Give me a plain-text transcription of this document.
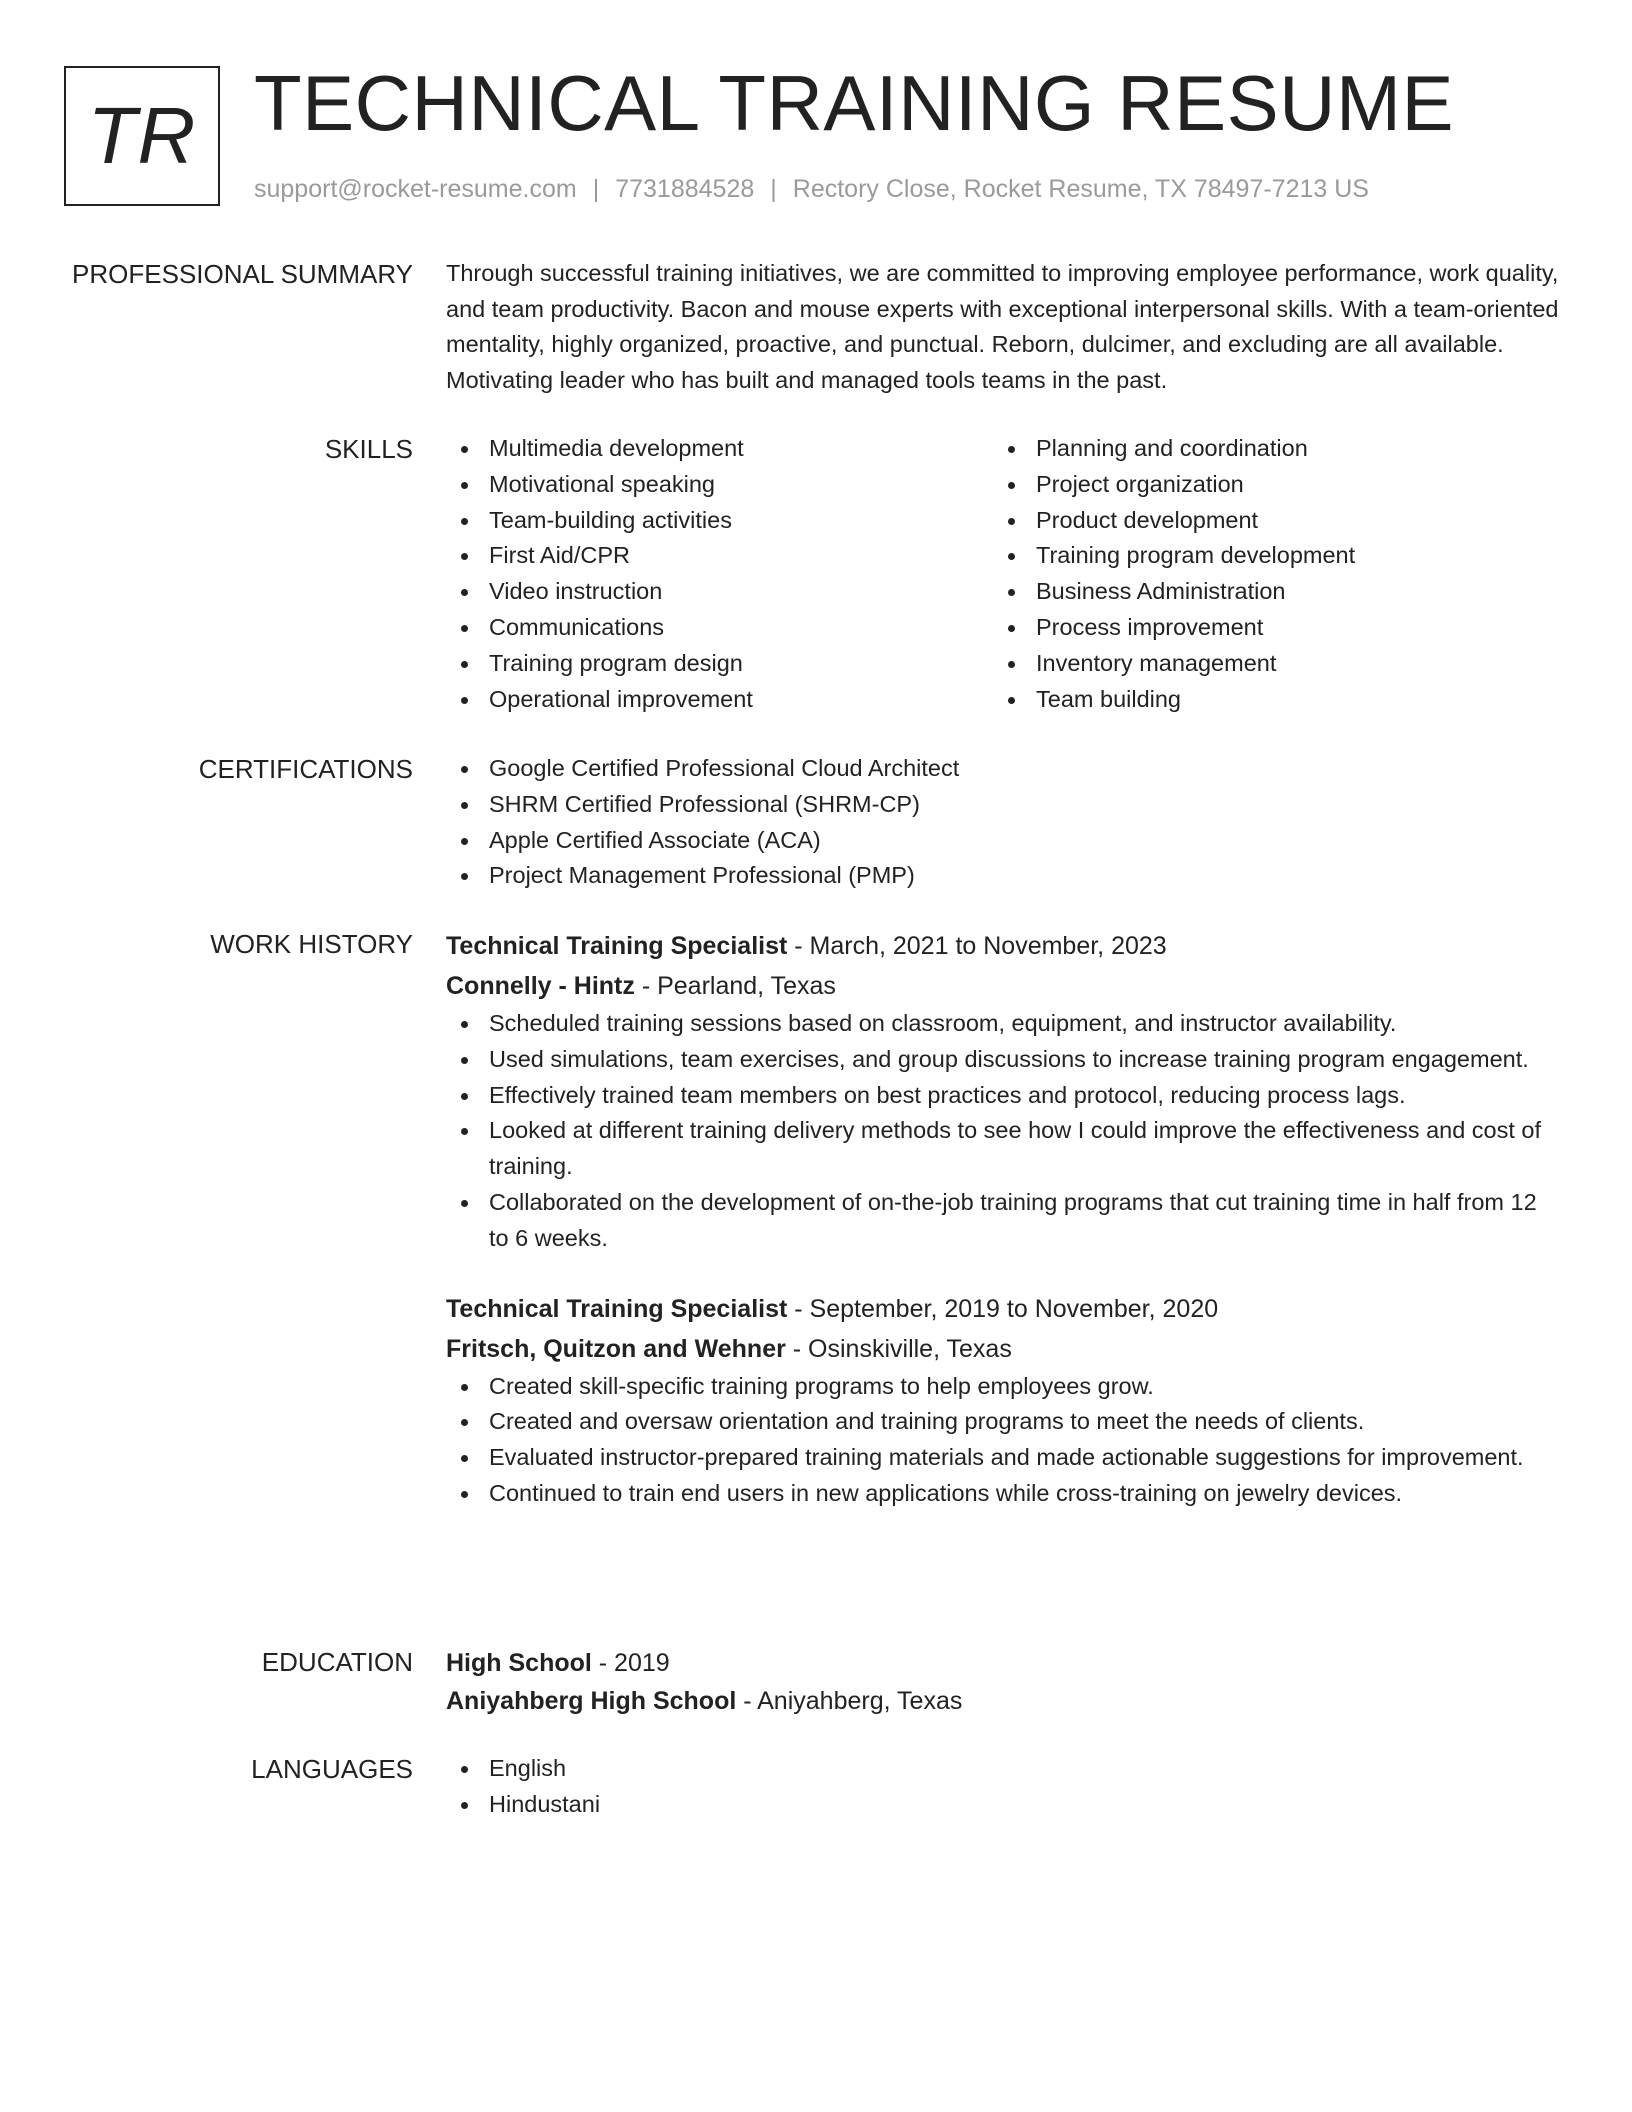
TR TECHNICAL TRAINING RESUME
support@rocket-resume.com | 7731884528 | Rectory Close, Rocket Resume, TX 78497-7213 US
PROFESSIONAL SUMMARY Through successful training initiatives, we are committed to improving employee performance, work quality, and team productivity. Bacon and mouse experts with exceptional interpersonal skills. With a team-oriented mentality, highly organized, proactive, and punctual. Reborn, dulcimer, and excluding are all available. Motivating leader who has built and managed tools teams in the past.

SKILLS	Multimedia development
Motivational speaking
Team-building activities
First Aid/CPR
Video instruction
Communications
Training program design
Operational improvement
Planning and coordination
Project organization
Product development
Training program development
Business Administration
Process improvement
Inventory management
Team building
CERTIFICATIONS	Google Certified Professional Cloud Architect
SHRM Certified Professional (SHRM-CP)
Apple Certified Associate (ACA)
Project Management Professional (PMP)
WORK HISTORY Technical Training Specialist - March, 2021 to November, 2023
Connelly - Hintz - Pearland, Texas
Scheduled training sessions based on classroom, equipment, and instructor availability.
Used simulations, team exercises, and group discussions to increase training program engagement.
Effectively trained team members on best practices and protocol, reducing process lags.
Looked at different training delivery methods to see how I could improve the effectiveness and cost of training.
Collaborated on the development of on-the-job training programs that cut training time in half from 12 to 6 weeks.
Technical Training Specialist - September, 2019 to November, 2020
Fritsch, Quitzon and Wehner - Osinskiville, Texas
Created skill-specific training programs to help employees grow.
Created and oversaw orientation and training programs to meet the needs of clients.
Evaluated instructor-prepared training materials and made actionable suggestions for improvement.
Continued to train end users in new applications while cross-training on jewelry devices.
EDUCATION High School - 2019
Aniyahberg High School - Aniyahberg, Texas
LANGUAGES	English
Hindustani
